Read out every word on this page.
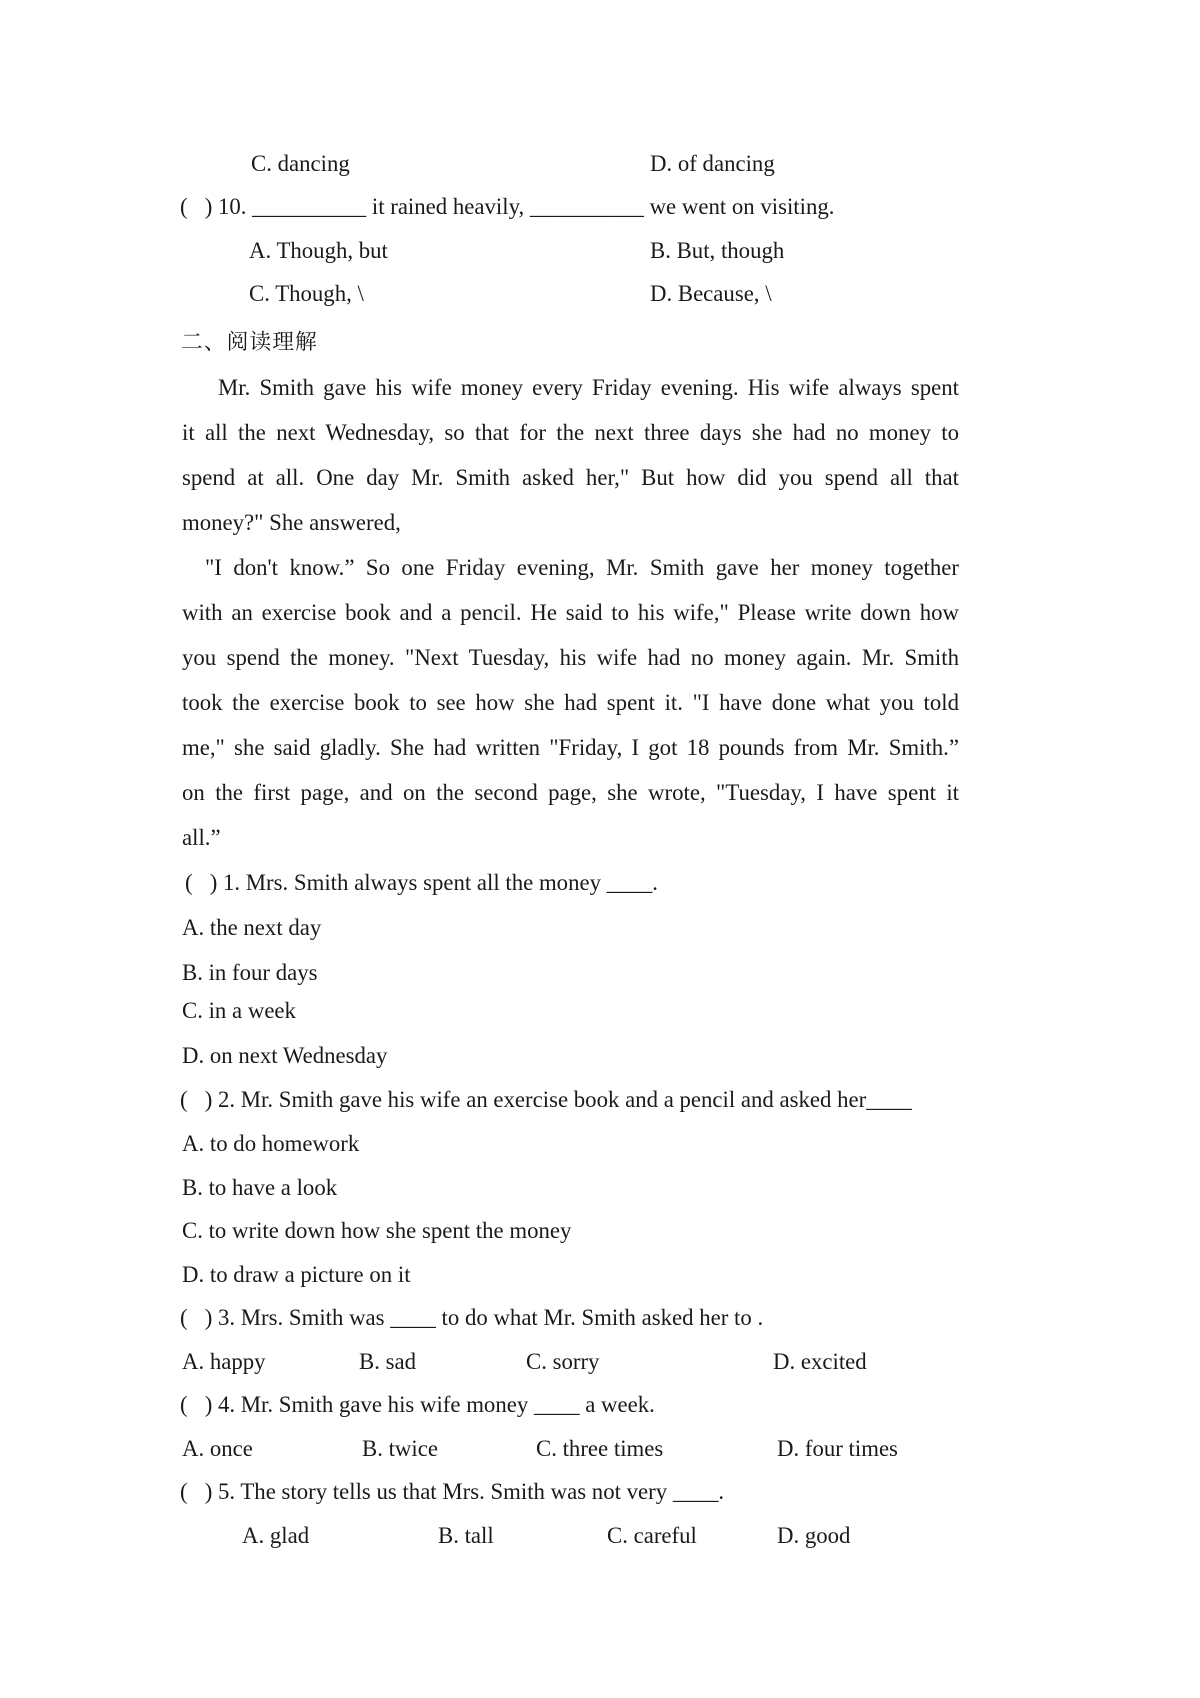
C. dancing	D. of dancing
(   ) 10. __________ it rained heavily, __________ we went on visiting.
A. Though, but	B. But, though
C. Though, \	D. Because, \
二、阅读理解
Mr. Smith gave his wife money every Friday evening. His wife always spent
it all the next Wednesday, so that for the next three days she had no money to
spend at all. One day Mr. Smith asked her," But how did you spend all that
money?" She answered,
"I don't know.” So one Friday evening, Mr. Smith gave her money together
with an exercise book and a pencil. He said to his wife," Please write down how
you spend the money. "Next Tuesday, his wife had no money again. Mr. Smith
took the exercise book to see how she had spent it. "I have done what you told
me," she said gladly. She had written "Friday, I got 18 pounds from Mr. Smith.”
on the first page, and on the second page, she wrote, "Tuesday, I have spent it
all.”
(   ) 1. Mrs. Smith always spent all the money ____.
A. the next day
B. in four days
C. in a week
D. on next Wednesday
(   ) 2. Mr. Smith gave his wife an exercise book and a pencil and asked her____
A. to do homework
B. to have a look
C. to write down how she spent the money
D. to draw a picture on it
(   ) 3. Mrs. Smith was ____ to do what Mr. Smith asked her to .
A. happy	B. sad	C. sorry	D. excited
(   ) 4. Mr. Smith gave his wife money ____ a week.
A. once	B. twice	C. three times	D. four times
(   ) 5. The story tells us that Mrs. Smith was not very ____.
A. glad	B. tall	C. careful	D. good
